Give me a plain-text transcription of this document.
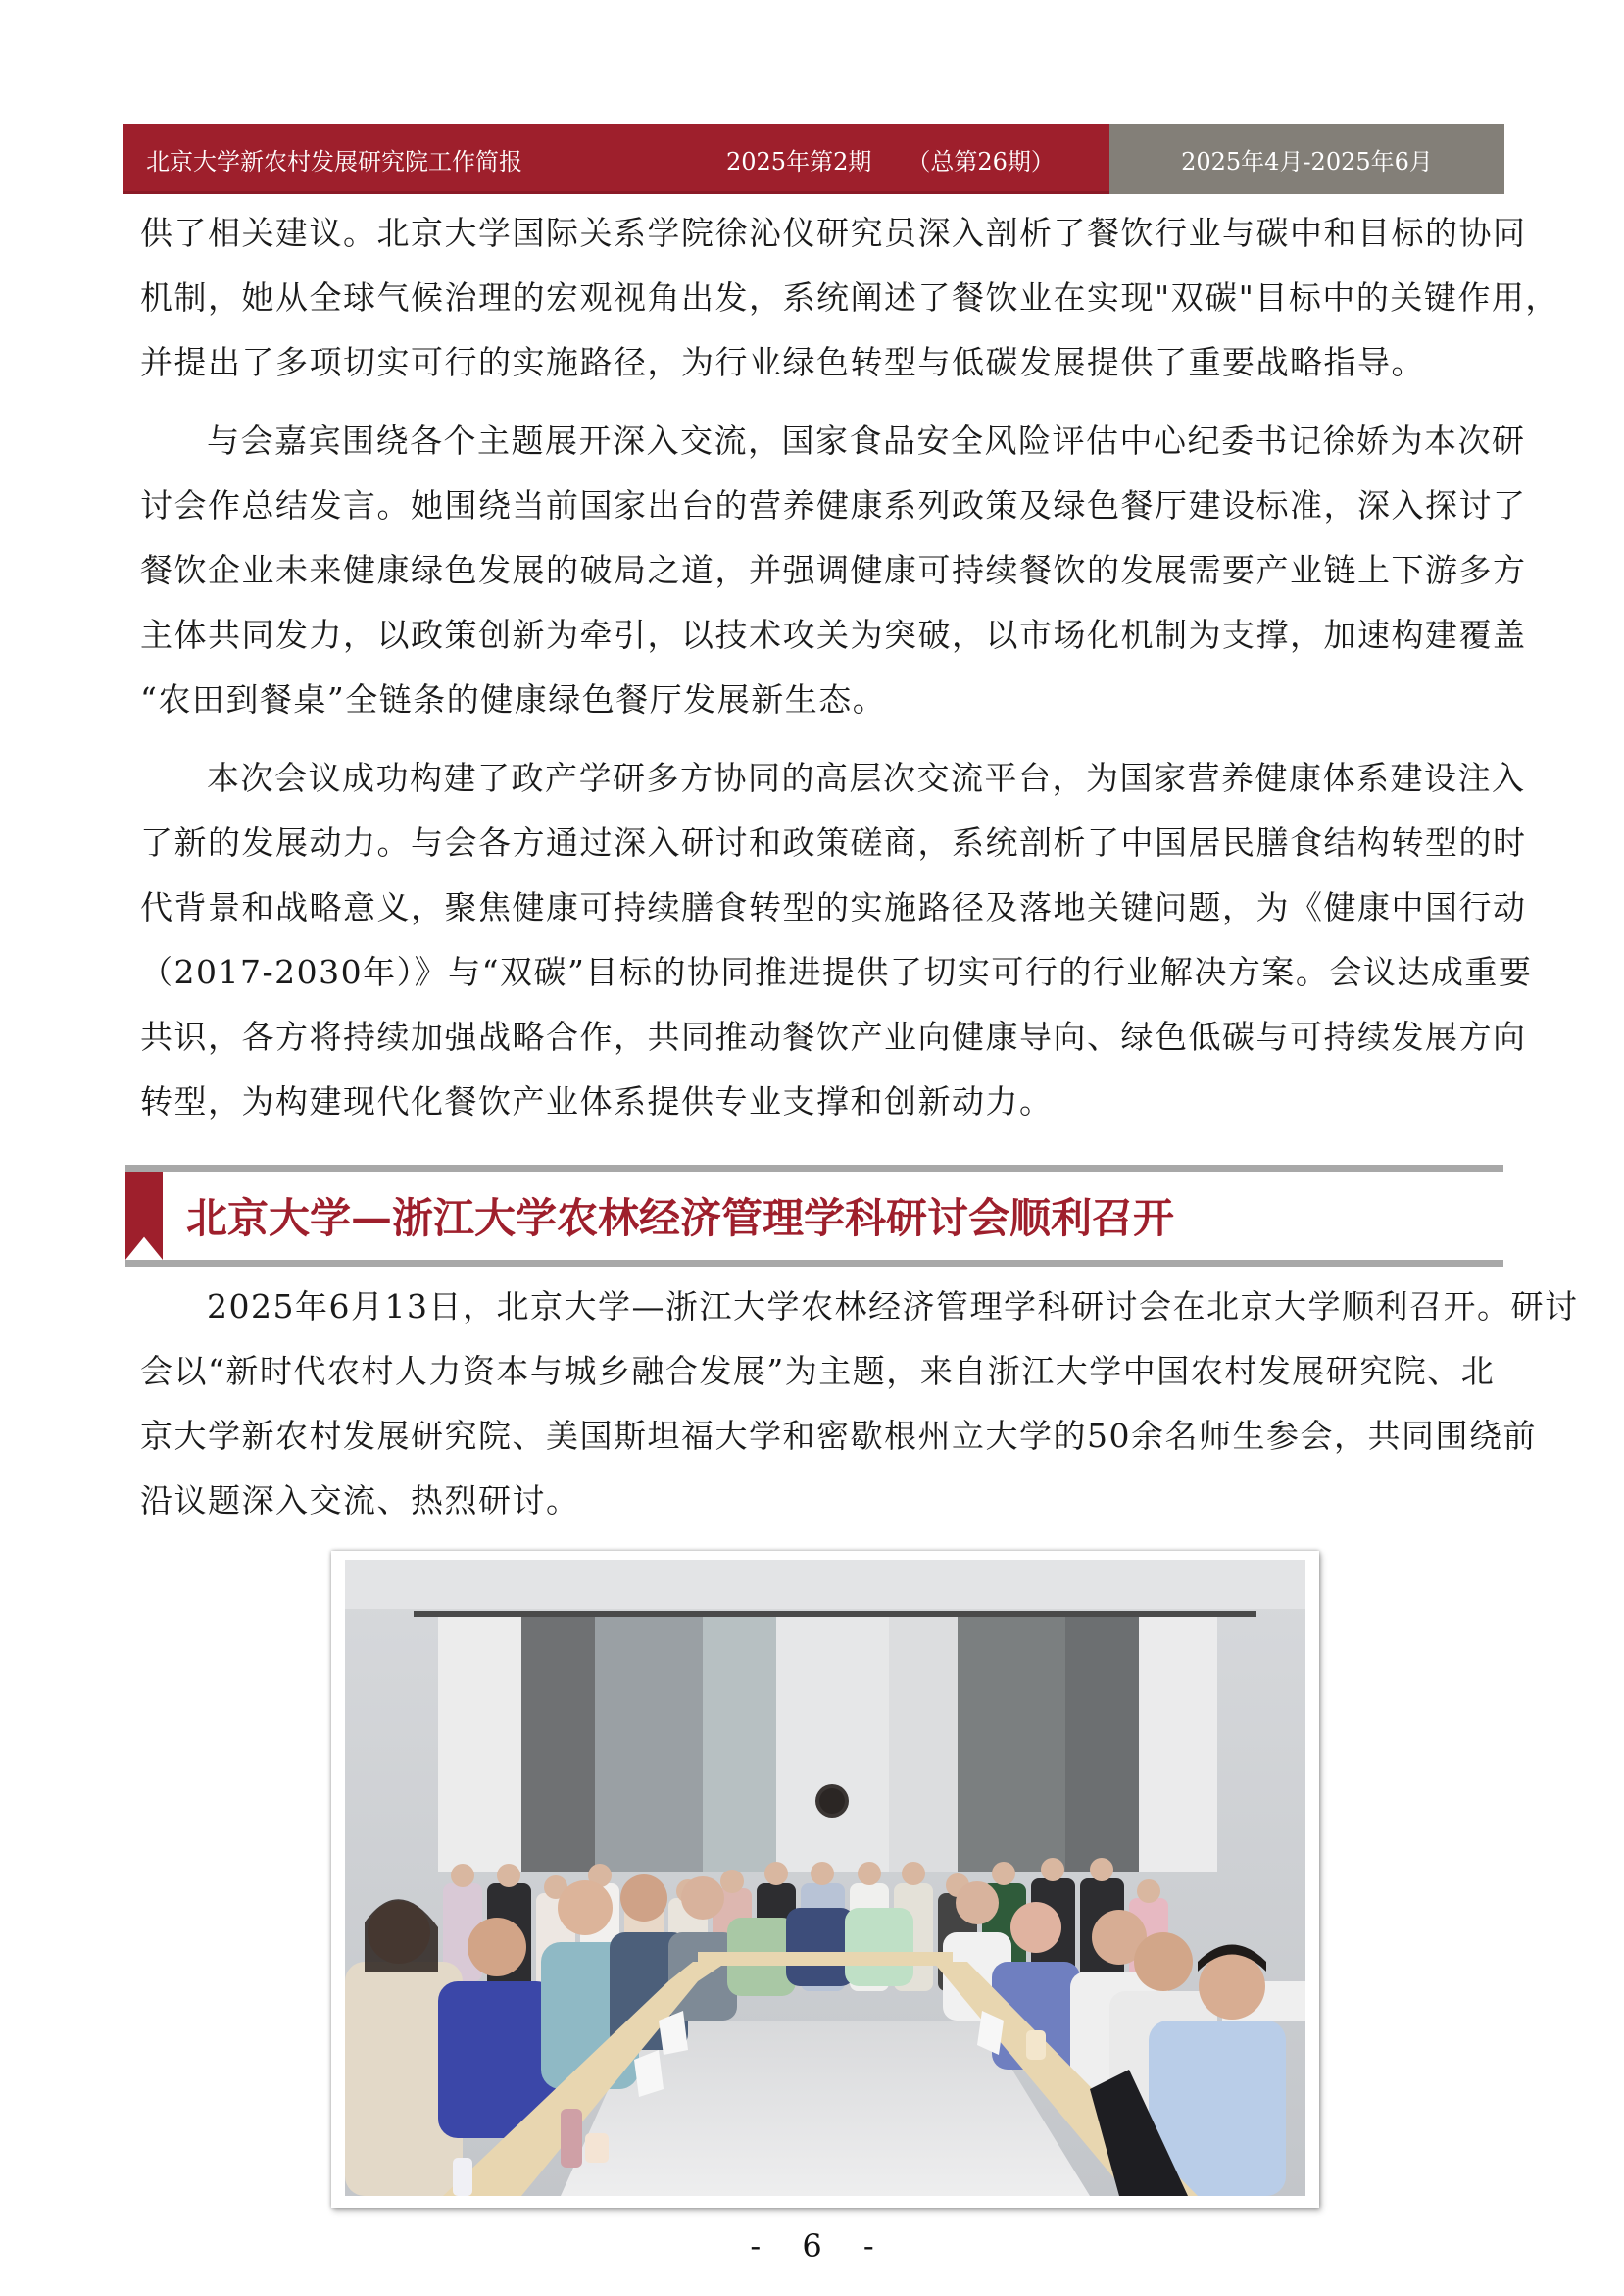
北京大学新农村发展研究院工作简报	2025年第2期 （总第26期）	2025年4月-2025年6月
供了相关建议。北京大学国际关系学院徐沁仪研究员深入剖析了餐饮行业与碳中和目标的协同
机制，她从全球气候治理的宏观视角出发，系统阐述了餐饮业在实现"双碳"目标中的关键作用，
并提出了多项切实可行的实施路径，为行业绿色转型与低碳发展提供了重要战略指导。
与会嘉宾围绕各个主题展开深入交流，国家食品安全风险评估中心纪委书记徐娇为本次研
讨会作总结发言。她围绕当前国家出台的营养健康系列政策及绿色餐厅建设标准，深入探讨了
餐饮企业未来健康绿色发展的破局之道，并强调健康可持续餐饮的发展需要产业链上下游多方
主体共同发力，以政策创新为牵引，以技术攻关为突破，以市场化机制为支撑，加速构建覆盖
“农田到餐桌”全链条的健康绿色餐厅发展新生态。
本次会议成功构建了政产学研多方协同的高层次交流平台，为国家营养健康体系建设注入
了新的发展动力。与会各方通过深入研讨和政策磋商，系统剖析了中国居民膳食结构转型的时
代背景和战略意义，聚焦健康可持续膳食转型的实施路径及落地关键问题，为《健康中国行动
（2017-2030年）》与“双碳”目标的协同推进提供了切实可行的行业解决方案。会议达成重要
共识，各方将持续加强战略合作，共同推动餐饮产业向健康导向、绿色低碳与可持续发展方向
转型，为构建现代化餐饮产业体系提供专业支撑和创新动力。
北京大学—浙江大学农林经济管理学科研讨会顺利召开
2025年6月13日，北京大学—浙江大学农林经济管理学科研讨会在北京大学顺利召开。研讨
会以“新时代农村人力资本与城乡融合发展”为主题，来自浙江大学中国农村发展研究院、北
京大学新农村发展研究院、美国斯坦福大学和密歇根州立大学的50余名师生参会，共同围绕前
沿议题深入交流、热烈研讨。
- 6 -
